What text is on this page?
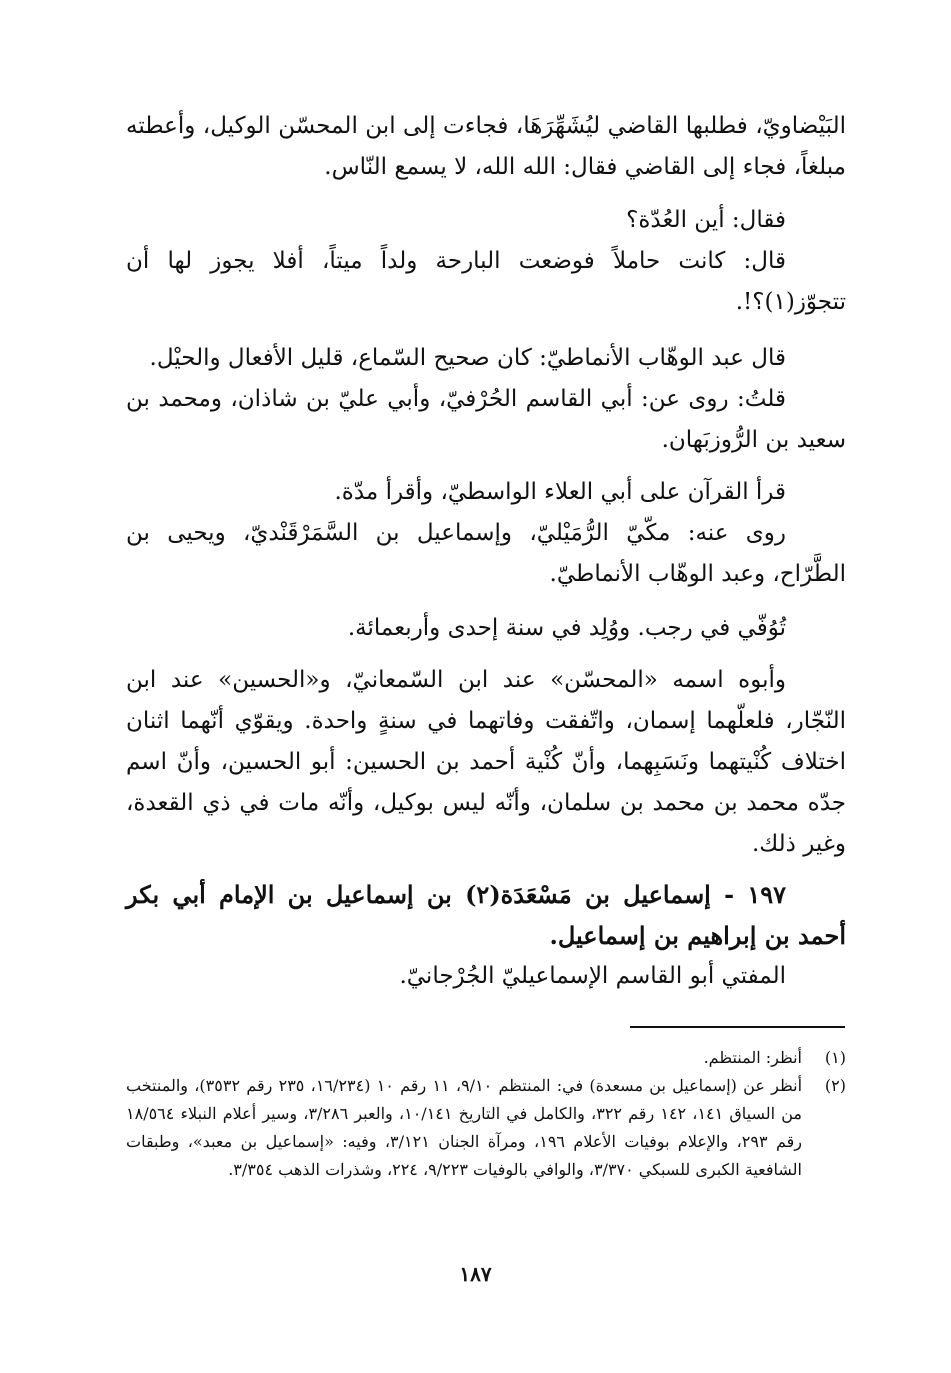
البَيْضاويّ، فطلبها القاضي ليُشَهِّرَهَا، فجاءت إلى ابن المحسّن الوكيل، وأعطته مبلغاً، فجاء إلى القاضي فقال: الله الله، لا يسمع النّاس.

فقال: أين العُدّة؟

قال: كانت حاملاً فوضعت البارحة ولداً ميتاً، أفلا يجوز لها أن تتجوّز(١)؟!.

قال عبد الوهّاب الأنماطيّ: كان صحيح السّماع، قليل الأفعال والحيْل.

قلتُ: روى عن: أبي القاسم الحُرْفيّ، وأبي عليّ بن شاذان، ومحمد بن سعيد بن الرُّوزبَهان.

قرأ القرآن على أبي العلاء الواسطيّ، وأقرأ مدّة.

روى عنه: مكّيّ الرُّمَيْليّ، وإسماعيل بن السَّمَرْقَنْديّ، ويحيى بن الطَّرّاح، وعبد الوهّاب الأنماطيّ.

تُوُفّي في رجب. ووُلِد في سنة إحدى وأربعمائة.

وأبوه اسمه «المحسّن» عند ابن السّمعانيّ، و«الحسين» عند ابن النّجّار، فلعلّهما إسمان، واتّفقت وفاتهما في سنةٍ واحدة. ويقوّي أنّهما اثنان اختلاف كُنْيتهما ونَسَبِهما، وأنّ كُنْية أحمد بن الحسين: أبو الحسين، وأنّ اسم جدّه محمد بن محمد بن سلمان، وأنّه ليس بوكيل، وأنّه مات في ذي القعدة، وغير ذلك.

١٩٧ - إسماعيل بن مَسْعَدَة(٢) بن إسماعيل بن الإمام أبي بكر أحمد بن إبراهيم بن إسماعيل.

المفتي أبو القاسم الإسماعيليّ الجُرْجانيّ.

(١)
أنظر: المنتظم.
(٢)
أنظر عن (إسماعيل بن مسعدة) في: المنتظم ٩/١٠، ١١ رقم ١٠ (١٦/٢٣٤، ٢٣٥ رقم ٣٥٣٢)، والمنتخب من السياق ١٤١، ١٤٢ رقم ٣٢٢، والكامل في التاريخ ١٠/١٤١، والعبر ٣/٢٨٦، وسير أعلام النبلاء ١٨/٥٦٤ رقم ٢٩٣، والإعلام بوفيات الأعلام ١٩٦، ومرآة الجنان ٣/١٢١، وفيه: «إسماعيل بن معبد»، وطبقات الشافعية الكبرى للسبكي ٣/٣٧٠، والوافي بالوفيات ٩/٢٢٣، ٢٢٤، وشذرات الذهب ٣/٣٥٤.
١٨٧
